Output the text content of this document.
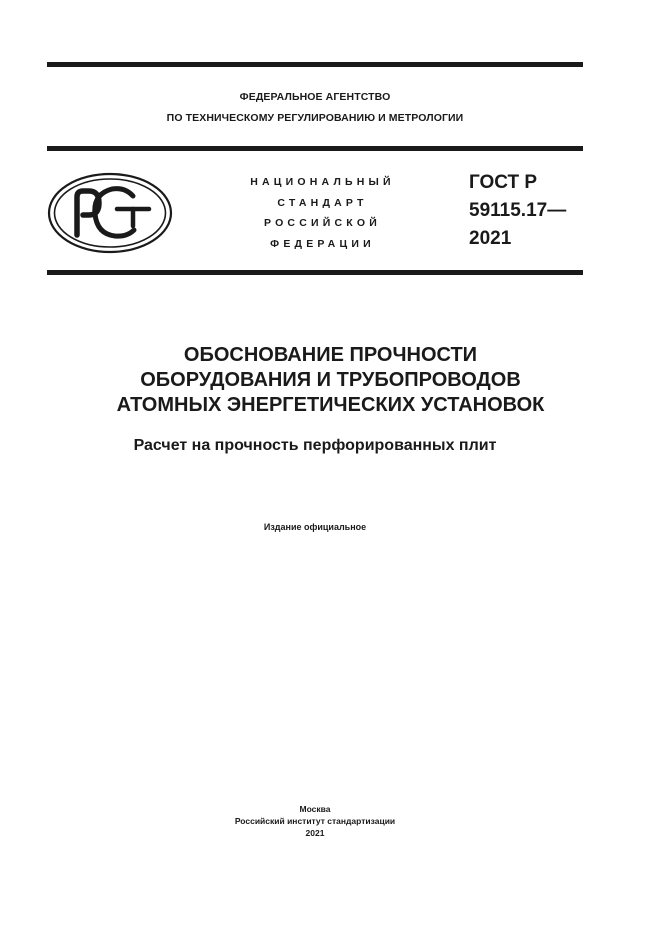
ФЕДЕРАЛЬНОЕ АГЕНТСТВО
ПО ТЕХНИЧЕСКОМУ РЕГУЛИРОВАНИЮ И МЕТРОЛОГИИ
НАЦИОНАЛЬНЫЙ
СТАНДАРТ
РОССИЙСКОЙ
ФЕДЕРАЦИИ
ГОСТ Р
59115.17—
2021
ОБОСНОВАНИЕ ПРОЧНОСТИ
ОБОРУДОВАНИЯ И ТРУБОПРОВОДОВ
АТОМНЫХ ЭНЕРГЕТИЧЕСКИХ УСТАНОВОК
Расчет на прочность перфорированных плит
Издание официальное
Москва
Российский институт стандартизации
2021
